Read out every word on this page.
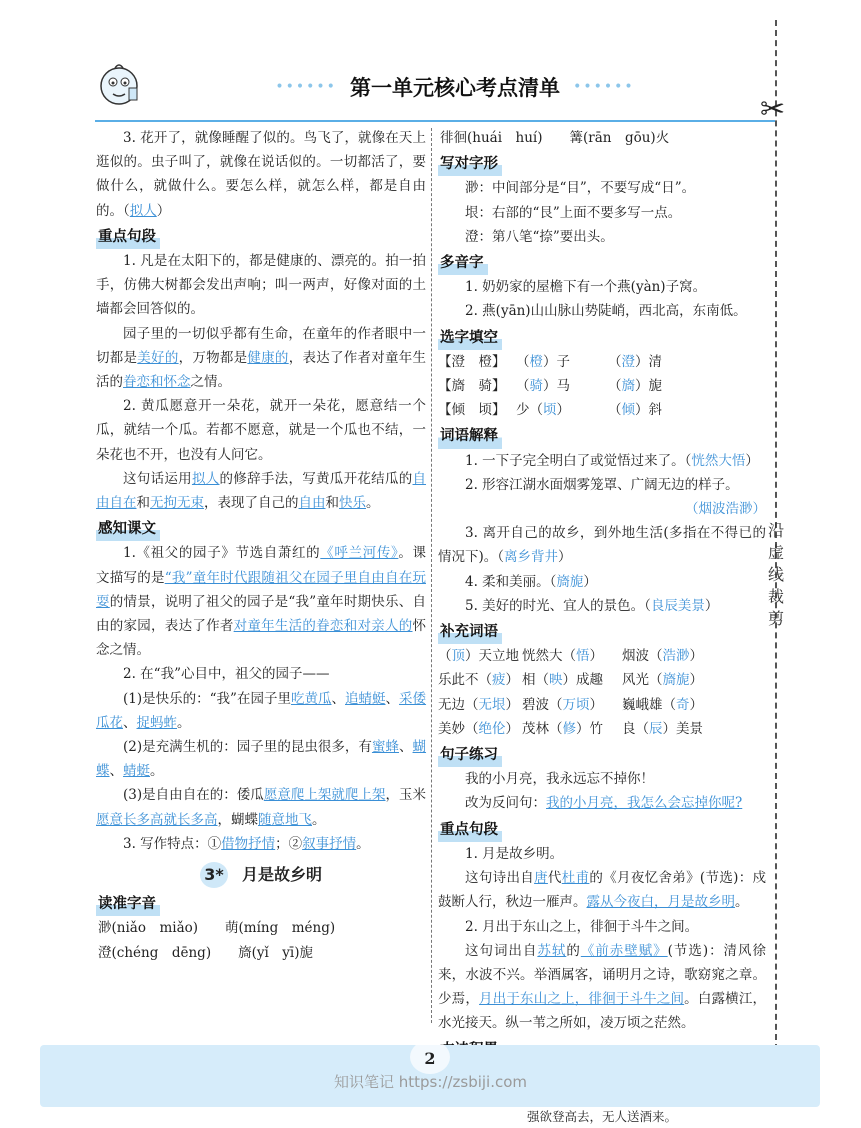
•••••• 第一单元核心考点清单 ••••••
✂
沿虚线裁剪

3. 花开了，就像睡醒了似的。鸟飞了，就像在天上逛似的。虫子叫了，就像在说话似的。一切都活了，要做什么，就做什么。要怎么样，就怎么样，都是自由的。（拟人）

重点句段

1. 凡是在太阳下的，都是健康的、漂亮的。拍一拍手，仿佛大树都会发出声响；叫一两声，好像对面的土墙都会回答似的。

园子里的一切似乎都有生命，在童年的作者眼中一切都是美好的，万物都是健康的，表达了作者对童年生活的眷恋和怀念之情。

2. 黄瓜愿意开一朵花，就开一朵花，愿意结一个瓜，就结一个瓜。若都不愿意，就是一个瓜也不结，一朵花也不开，也没有人问它。

这句话运用拟人的修辞手法，写黄瓜开花结瓜的自由自在和无拘无束，表现了自己的自由和快乐。

感知课文

1.《祖父的园子》节选自萧红的《呼兰河传》。课文描写的是“我”童年时代跟随祖父在园子里自由自在玩耍的情景，说明了祖父的园子是“我”童年时期快乐、自由的家园，表达了作者对童年生活的眷恋和对亲人的怀念之情。

2. 在“我”心目中，祖父的园子——

(1)是快乐的：“我”在园子里吃黄瓜、追蜻蜓、采倭瓜花、捉蚂蚱。

(2)是充满生机的：园子里的昆虫很多，有蜜蜂、蝴蝶、蜻蜓。

(3)是自由自在的：倭瓜愿意爬上架就爬上架，玉米愿意长多高就长多高，蝴蝶随意地飞。

3. 写作特点：①借物抒情；②叙事抒情。

3* 月是故乡明
读准字音
渺(niǎo　miǎo)　　萌(míng　méng)
澄(chéng　dēng)　　旖(yǐ　yī)旎
徘徊(huái　huí)　　篝(rān　gōu)火
写对字形

渺：中间部分是“目”，不要写成“日”。

垠：右部的“艮”上面不要多写一点。

澄：第八笔“捺”要出头。

多音字

1. 奶奶家的屋檐下有一个燕(yàn)子窝。

2. 燕(yān)山山脉山势陡峭，西北高，东南低。

选字填空
【澄　橙】 （橙）子	（澄）清
【旖　骑】 （骑）马	（旖）旎
【倾　顷】 少（顷）	（倾）斜
词语解释

1. 一下子完全明白了或觉悟过来了。（恍然大悟）

2. 形容江湖水面烟雾笼罩、广阔无边的样子。

（烟波浩渺）

3. 离开自己的故乡，到外地生活(多指在不得已的情况下)。（离乡背井）

4. 柔和美丽。（旖旎）

5. 美好的时光、宜人的景色。（良辰美景）

补充词语
（顶）天立地 恍然大（悟）	烟波（浩渺）
乐此不（疲） 相（映）成趣	风光（旖旎）
无边（无垠） 碧波（万顷）	巍峨雄（奇）
美妙（绝伦） 茂林（修）竹	良（辰）美景
句子练习

我的小月亮，我永远忘不掉你！

改为反问句：我的小月亮，我怎么会忘掉你呢?

重点句段

1. 月是故乡明。

这句诗出自唐代杜甫的《月夜忆舍弟》(节选)：戍鼓断人行，秋边一雁声。露从今夜白，月是故乡明。

2. 月出于东山之上，徘徊于斗牛之间。

这句词出自苏轼的《前赤壁赋》(节选)：清风徐来，水波不兴。举酒属客，诵明月之诗，歌窈窕之章。少焉，月出于东山之上，徘徊于斗牛之间。白露横江，水光接天。纵一苇之所如，凌万顷之茫然。

强欲登高去，无人送酒来。
2
知识笔记 https://zsbiji.com
